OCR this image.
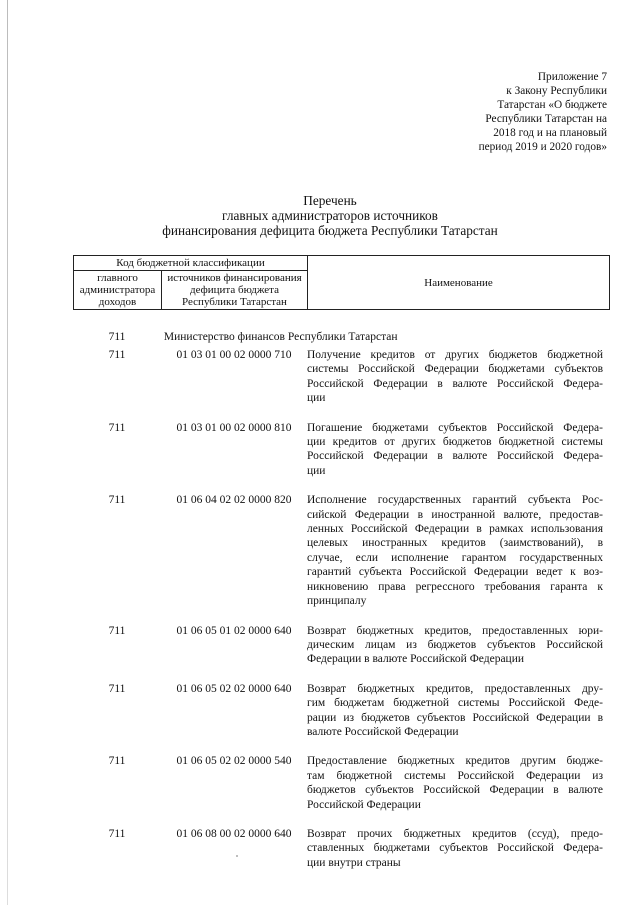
Приложение 7
к Закону Республики
Татарстан «О бюджете
Республики Татарстан на
2018 год и на плановый
период 2019 и 2020 годов»
Перечень
главных администраторов источников
финансирования дефицита бюджета Республики Татарстан
Код бюджетной классификации		Наименование
главного администратора доходов	источников финансирования дефицита бюджета Республики Татарстан	
711	Министерство финансов Республики Татарстан
711	01 03 01 00 02 0000 710	Получение кредитов от других бюджетов бюджетной
системы Российской Федерации бюджетами субъектов
Российской Федерации в валюте Российской Федера-
ции
711	01 03 01 00 02 0000 810	Погашение бюджетами субъектов Российской Федера-
ции кредитов от других бюджетов бюджетной системы
Российской Федерации в валюте Российской Федера-
ции
711	01 06 04 02 02 0000 820	Исполнение государственных гарантий субъекта Рос-
сийской Федерации в иностранной валюте, предостав-
ленных Российской Федерации в рамках использования
целевых иностранных кредитов (заимствований), в
случае, если исполнение гарантом государственных
гарантий субъекта Российской Федерации ведет к воз-
никновению права регрессного требования гаранта к
принципалу
711	01 06 05 01 02 0000 640	Возврат бюджетных кредитов, предоставленных юри-
дическим лицам из бюджетов субъектов Российской
Федерации в валюте Российской Федерации
711	01 06 05 02 02 0000 640	Возврат бюджетных кредитов, предоставленных дру-
гим бюджетам бюджетной системы Российской Феде-
рации из бюджетов субъектов Российской Федерации в
валюте Российской Федерации
711	01 06 05 02 02 0000 540	Предоставление бюджетных кредитов другим бюдже-
там бюджетной системы Российской Федерации из
бюджетов субъектов Российской Федерации в валюте
Российской Федерации
711	01 06 08 00 02 0000 640	Возврат прочих бюджетных кредитов (ссуд), предо-
ставленных бюджетами субъектов Российской Федера-
ции внутри страны
